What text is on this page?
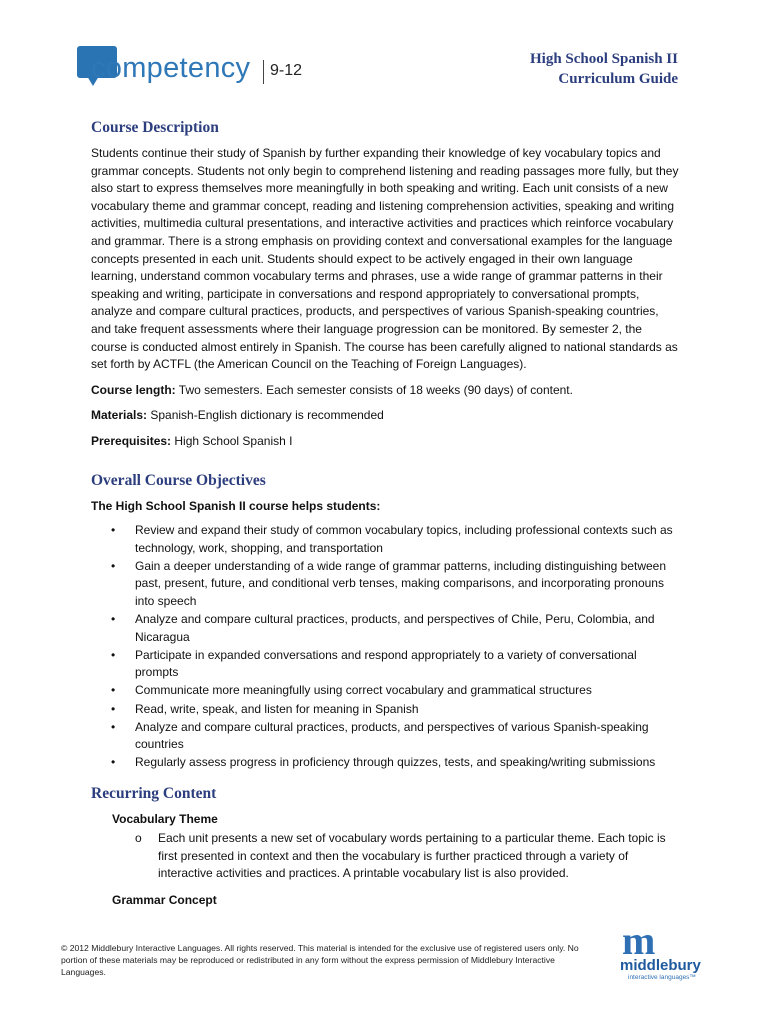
competency 9-12
High School Spanish II
Curriculum Guide
Course Description

Students continue their study of Spanish by further expanding their knowledge of key vocabulary topics and grammar concepts. Students not only begin to comprehend listening and reading passages more fully, but they also start to express themselves more meaningfully in both speaking and writing. Each unit consists of a new vocabulary theme and grammar concept, reading and listening comprehension activities, speaking and writing activities, multimedia cultural presentations, and interactive activities and practices which reinforce vocabulary and grammar. There is a strong emphasis on providing context and conversational examples for the language concepts presented in each unit. Students should expect to be actively engaged in their own language learning, understand common vocabulary terms and phrases, use a wide range of grammar patterns in their speaking and writing, participate in conversations and respond appropriately to conversational prompts, analyze and compare cultural practices, products, and perspectives of various Spanish-speaking countries, and take frequent assessments where their language progression can be monitored. By semester 2, the course is conducted almost entirely in Spanish. The course has been carefully aligned to national standards as set forth by ACTFL (the American Council on the Teaching of Foreign Languages).

Course length: Two semesters. Each semester consists of 18 weeks (90 days) of content.

Materials: Spanish-English dictionary is recommended

Prerequisites: High School Spanish I

Overall Course Objectives

The High School Spanish II course helps students:

• Review and expand their study of common vocabulary topics, including professional contexts such as technology, work, shopping, and transportation
• Gain a deeper understanding of a wide range of grammar patterns, including distinguishing between past, present, future, and conditional verb tenses, making comparisons, and incorporating pronouns into speech
• Analyze and compare cultural practices, products, and perspectives of Chile, Peru, Colombia, and Nicaragua
• Participate in expanded conversations and respond appropriately to a variety of conversational prompts
• Communicate more meaningfully using correct vocabulary and grammatical structures
• Read, write, speak, and listen for meaning in Spanish
• Analyze and compare cultural practices, products, and perspectives of various Spanish-speaking countries
• Regularly assess progress in proficiency through quizzes, tests, and speaking/writing submissions
Recurring Content
Vocabulary Theme
o Each unit presents a new set of vocabulary words pertaining to a particular theme. Each topic is first presented in context and then the vocabulary is further practiced through a variety of interactive activities and practices. A printable vocabulary list is also provided.
Grammar Concept
© 2012 Middlebury Interactive Languages. All rights reserved. This material is intended for the exclusive use of registered users only. No portion of these materials may be reproduced or redistributed in any form without the express permission of Middlebury Interactive Languages.
m
middlebury
interactive languages™
